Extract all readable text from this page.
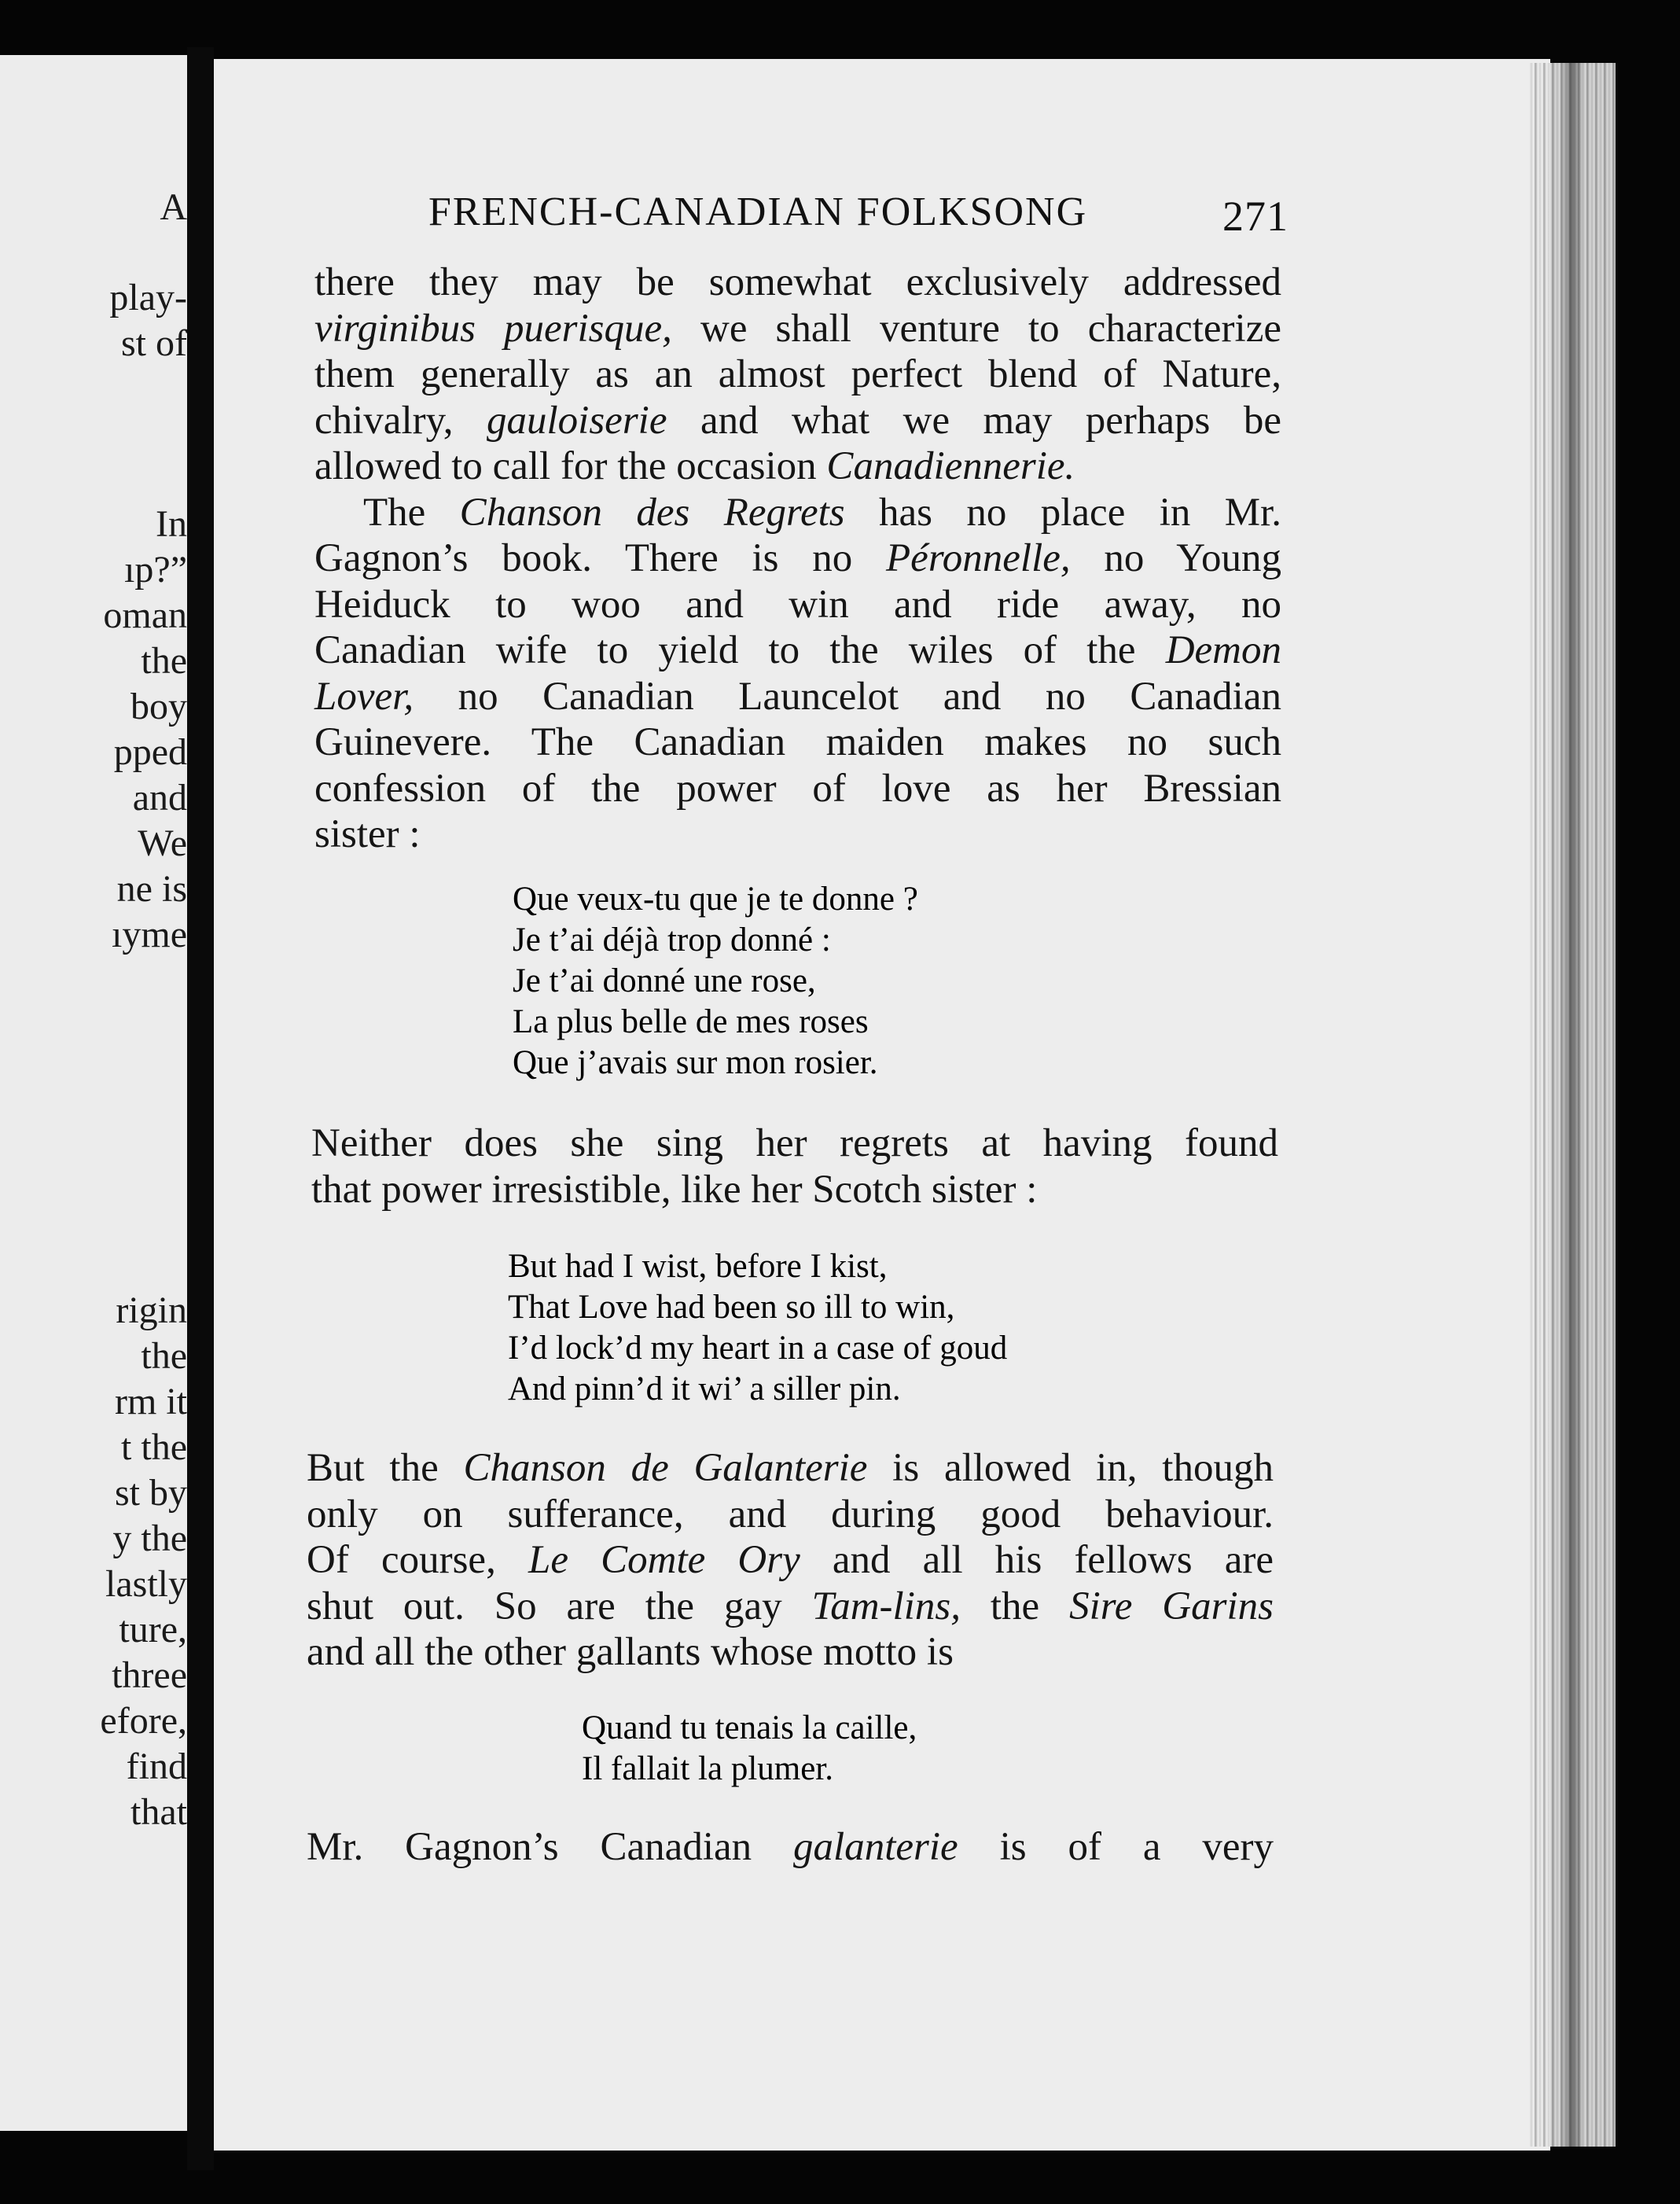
A

play-

st of

In

ıp?”

oman

the

boy

pped

and

We

ne is

ıyme

rigin

the

rm it

t the

st by

y the

lastly

ture,

three

efore,

find

that

FRENCH-CANADIAN FOLKSONG	271

there they may be somewhat exclusively addressed

virginibus puerisque, we shall venture to characterize

them generally as an almost perfect blend of Nature,

chivalry, gauloiserie and what we may perhaps be

allowed to call for the occasion Canadiennerie.

The Chanson des Regrets has no place in Mr.

Gagnon’s book. There is no Péronnelle, no Young

Heiduck to woo and win and ride away, no

Canadian wife to yield to the wiles of the Demon

Lover, no Canadian Launcelot and no Canadian

Guinevere. The Canadian maiden makes no such

confession of the power of love as her Bressian

sister :

Que veux-tu que je te donne ?

Je t’ai déjà trop donné :

Je t’ai donné une rose,

La plus belle de mes roses

Que j’avais sur mon rosier.

Neither does she sing her regrets at having found

that power irresistible, like her Scotch sister :

But had I wist, before I kist,

That Love had been so ill to win,

I’d lock’d my heart in a case of goud

And pinn’d it wi’ a siller pin.

But the Chanson de Galanterie is allowed in, though

only on sufferance, and during good behaviour.

Of course, Le Comte Ory and all his fellows are

shut out. So are the gay Tam-lins, the Sire Garins

and all the other gallants whose motto is

Quand tu tenais la caille,

Il fallait la plumer.

Mr. Gagnon’s Canadian galanterie is of a very
